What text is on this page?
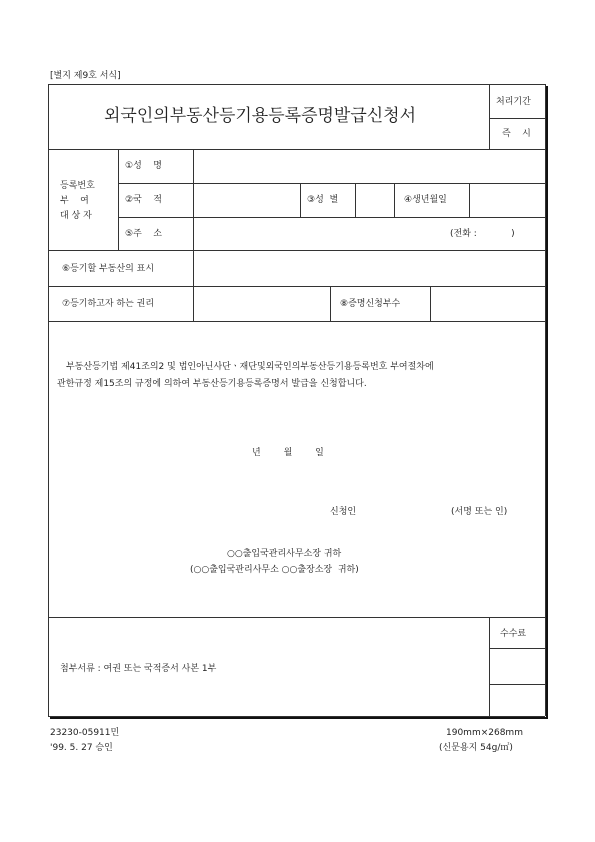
[별지 제9호 서식]
외국인의부동산등기용등록증명발급신청서
처리기간
즉    시
등록번호
부    여
대 상 자
①성    명
②국    적	③성  별	④생년월일
⑤주    소	(전화 :            )
⑥등기할 부동산의 표시
⑦등기하고자 하는 권리	⑧증명신청부수
부동산등기법 제41조의2 및 법인아닌사단ㆍ재단및외국인의부동산등기용등록번호 부여절차에
관한규정 제15조의 규정에 의하여 부동산등기용등록증명서 발급을 신청합니다.
년        월        일
신청인	(서명 또는 인)
○○출입국관리사무소장 귀하
(○○출입국관리사무소 ○○출장소장  귀하)
수수료
첨부서류 : 여권 또는 국적증서 사본 1부
23230-05911민
'99. 5. 27 승인
190mm×268mm
(신문용지 54g/㎡)
